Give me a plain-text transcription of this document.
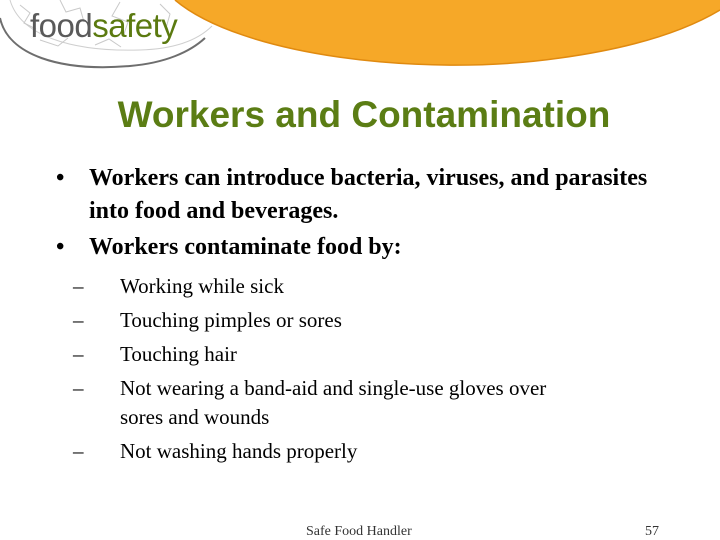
foodsafety
Workers and Contamination
• Workers can introduce bacteria, viruses, and parasites into food and beverages.
• Workers contaminate food by:
– Working while sick
– Touching pimples or sores
– Touching hair
– Not wearing a band-aid and single-use gloves over sores and wounds
– Not washing hands properly
Safe Food Handler	57
